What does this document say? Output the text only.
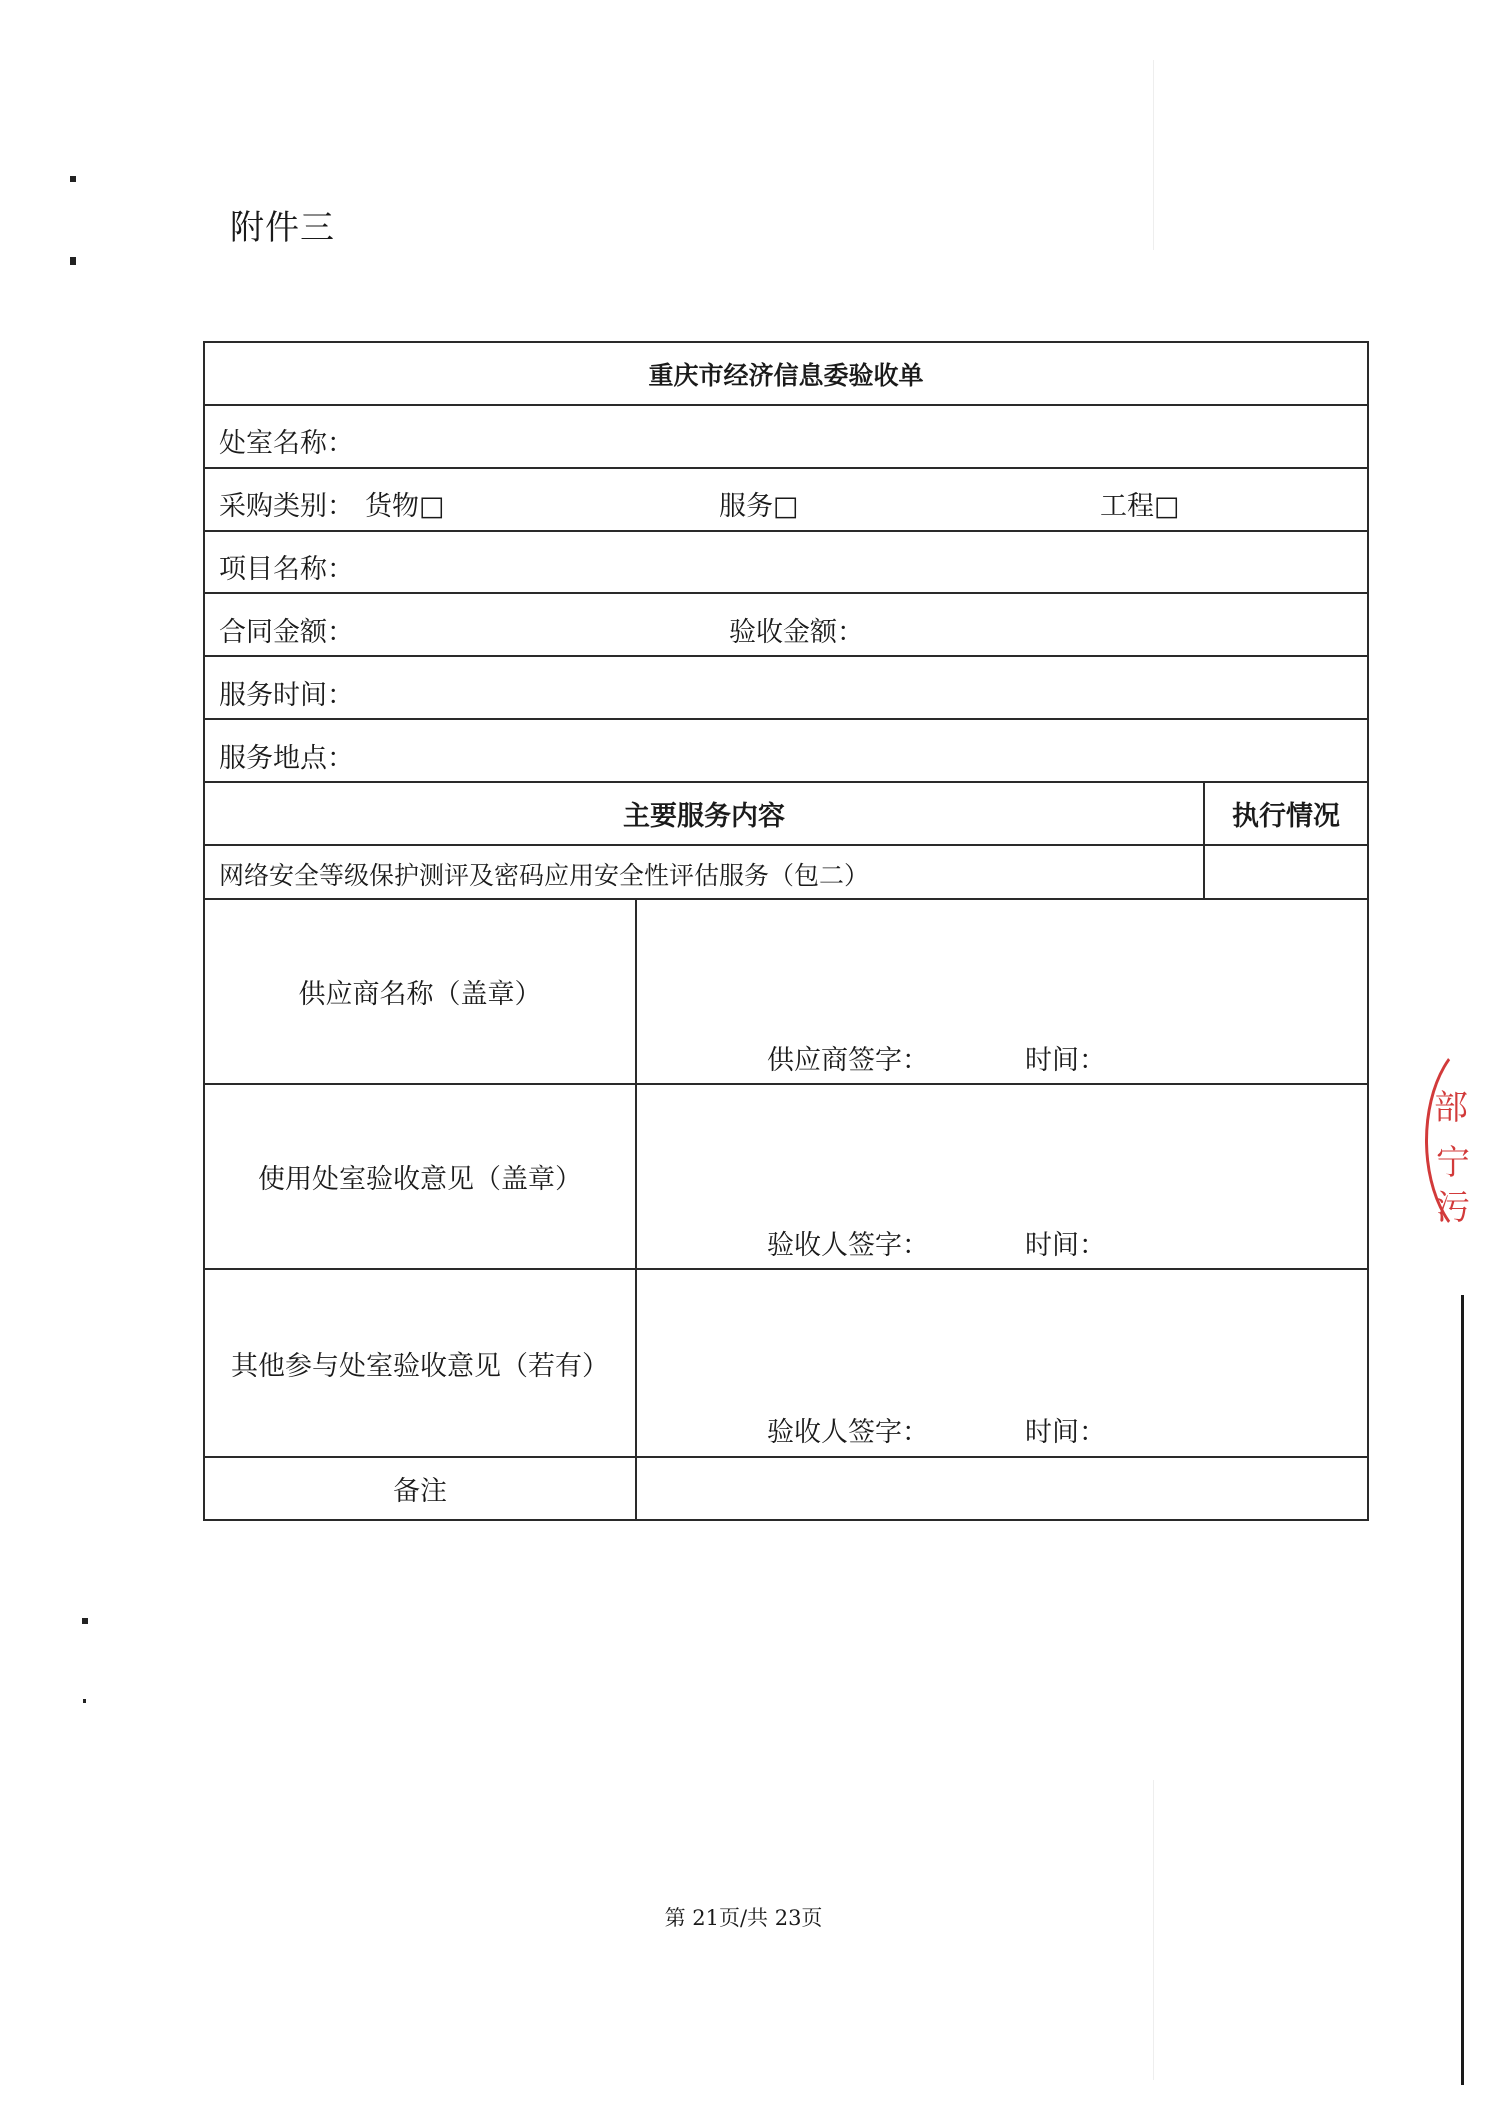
附件三
重庆市经济信息委验收单
处室名称：
采购类别： 货物□	服务□	工程□
项目名称：
合同金额：	验收金额：
服务时间：
服务地点：
主要服务内容	执行情况
网络安全等级保护测评及密码应用安全性评估服务（包二）
供应商名称（盖章）
供应商签字：	时间：
使用处室验收意见（盖章）
验收人签字：	时间：
其他参与处室验收意见（若有）
验收人签字：	时间：
备注
部
宁
污
第 21页/共 23页
